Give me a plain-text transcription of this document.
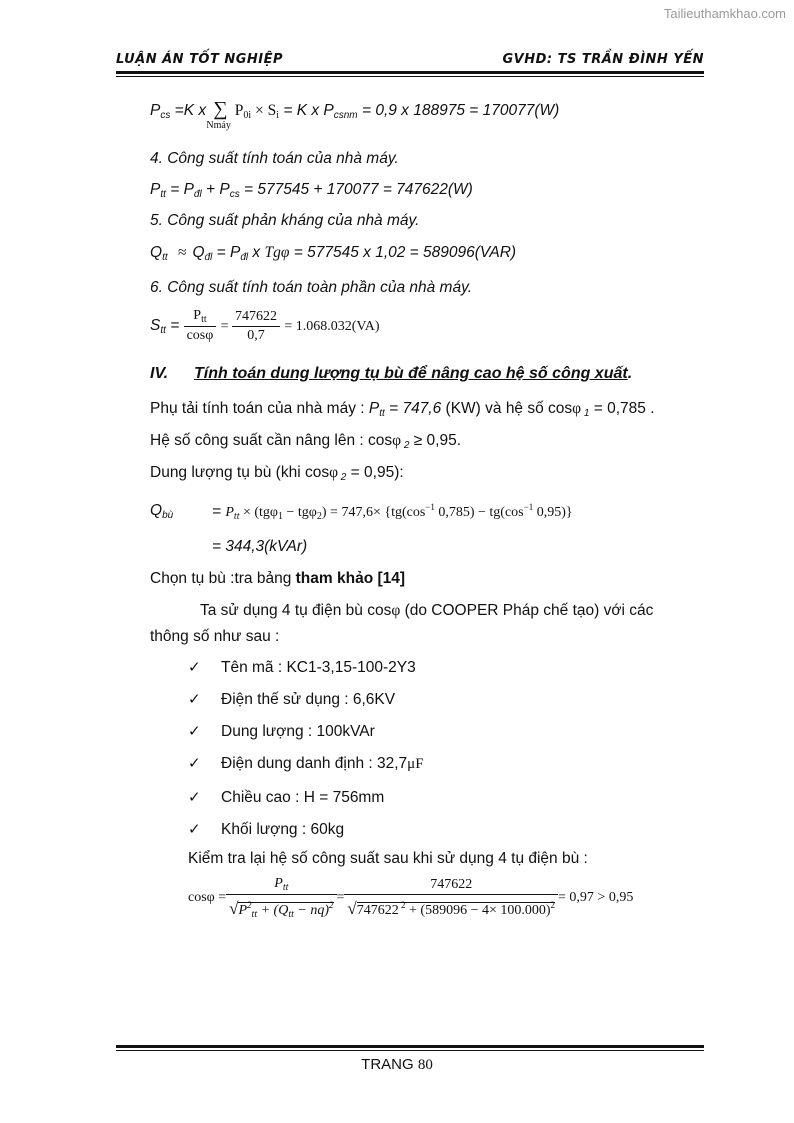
Tailieuthamkhao.com
LUẬN ÁN TỐT NGHIỆP	GVHD: TS TRẦN ĐÌNH YẾN
$P_{cs} =K$ x ∑
Nmáy
$P_{0i} \times S_i = K$ x $P_{csnm} = 0,9$ x 188975 = 170077(W)
4. Công suất tính toán của nhà máy.
$P_{tt} = P_{đl} + P_{cs} = 577545 + 170077 = 747622(W)$
5. Công suất phản kháng của nhà máy.
$Q_{tt} \approx Q_{đl} = P_{đl}$ x Tgφ = 577545 x 1,02 = 589096(VAR)
6. Công suất tính toán toàn phần của nhà máy.
$S_{tt} = \frac{P_{tt}}{\cos\varphi} = \frac{747622}{0,7} = 1.068.032(VA)$
IV. Tính toán dung lượng tụ bù để nâng cao hệ số công xuất.
Phụ tải tính toán của nhà máy : $P_{tt} = 747,6$ (KW) và hệ số cosφ $_1$ = 0,785 .
Hệ số công suất cần nâng lên : cosφ $_2$ ≥ 0,95.
Dung lượng tụ bù (khi cosφ $_2$ = 0,95):
$Q_{bù}$	= $P_{tt} \times (tg\varphi_1 - tg\varphi_2) = 747,6\times \{tg(\cos^{-1}$ $0,785) - tg(\cos^{-1}$ 0,95)}
= 344,3(kVAr)
Chọn tụ bù :tra bảng tham khảo [14]
Ta sử dụng 4 tụ điện bù cosφ (do COOPER Pháp chế tạo) với các
thông số như sau :
✓ Tên mã : KC1-3,15-100-2Y3
✓ Điện thế sử dụng : 6,6KV
✓ Dung lượng : 100kVAr
✓ Điện dung danh định : 32,7μF
✓ Chiều cao : H = 756mm
✓ Khối lượng : 60kg
Kiểm tra lại hệ số công suất sau khi sử dụng 4 tụ điện bù :
$\cos\varphi = \frac{P_{tt}}{√P^2_{tt} + (Q_{tt} - nq)^2} = \frac{747622}{√747622 ^2 + (589096 - 4\times 100.000)^2} = 0,97 > 0,95$
TRANG 80
